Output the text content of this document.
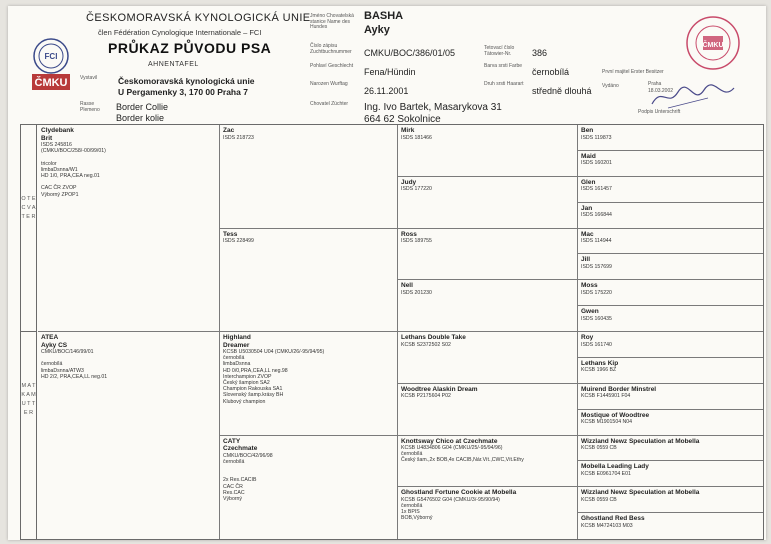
FCI
ČMKU
ČESKOMORAVSKÁ KYNOLOGICKÁ UNIE
člen Fédération Cynologique Internationale – FCI
PRŮKAZ PŮVODU PSA
AHNENTAFEL
Vystavil	Českomoravská kynologická unie
U Pergamenky 3, 170 00 Praha 7
Rasse Plemeno	Border Collie
Border kolie
Jméno Chovatelská stanice Name des Hundes
BASHA
Ayky
Číslo zápisu Zuchtbuchnummer	CMKU/BOC/386/01/05
Pohlaví Geschlecht
Fena/Hündin
Narozen Wurftag
26.11.2001
Chovatel Züchter	Ing. Ivo Bartek, Masarykova 31
664 62 Sokolnice
Tetovací číslo Tätowier-Nr.	386
Barva srsti Farbe
černobílá
Druh srsti Haarart
středně dlouhá
První majitel Erster Besitzer
Vydáno	Praha
18.03.2002
Podpis Unterschrift
ČMKU
O T E C V A T E R
M A T K A M U T T E R
Clydebank
Brit
ISDS 245816
(CMKU/BOC/258/-00/99/01)

tricolor
limbaDsnna/W1
HD 1/0, PRA,CEA neg.01

CAC ČR ZVOP
Výborný ZPOP1
ATEA
Ayky CS
CMKU/BOC/146/99/01

černobílá
limbaDsnna/ATW3
HD 2/2, PRA,CEA,LL neg.01
Zac
ISDS 218723
Tess
ISDS 228499
Highland
Dreamer
KCSB U5030504 U04 (CMKU/26/-95/94/95)
černobílá
limbaDsnna
HD 0/0,PRA,CEA,LL neg.98
Interchampion ZVOP
Český šampion SA2
Champion Rakouska SA1
Slovenský šamp.krásy BH
Klubový champion
CATY
Czechmate
CMKU/BOC/42/96/98
černobílá

2x Res.CACIB
CAC ČR
Res.CAC
Výborný
Mirk
ISDS 181466
Judy
ISDS 177220
Ross
ISDS 189755
Nell
ISDS 201230
Lethans Double Take
KCSB S2372502 S02
Woodtree Alaskin Dream
KCSB P2175604 P02
Knottsway Chico at Czechmate
KCSB U4834806 G04 (CMKU/25/-95/94/96)
černobílá
Český šam.,2x BOB,4x CACIB,Nár.Vít.,CWC,Vít.Ethy
Ghostland Fortune Cookie at Mobella
KCSB G5476502 G04 (CMKU/3/-95/90/94)
černobílá
1x BPIS
BOB,Výborný
Ben
ISDS 119873
Maid
ISDS 160201
Glen
ISDS 161457
Jan
ISDS 166844
Mac
ISDS 114944
Jill
ISDS 157699
Moss
ISDS 175220
Gwen
ISDS 160435
Roy
ISDS 161740
Lethans Kip
KCSB 1966 BZ
Muirend Border Minstrel
KCSB F1445901 F04
Mostique of Woodtree
KCSB M1901504 N04
Wizzland Newz Speculation at Mobella
KCSB 0559 CB
Mobella Leading Lady
KCSB E0961704 E01
Wizzland Newz Speculation at Mobella
KCSB 0559 CB
Ghostland Red Bess
KCSB M4724103 M03
